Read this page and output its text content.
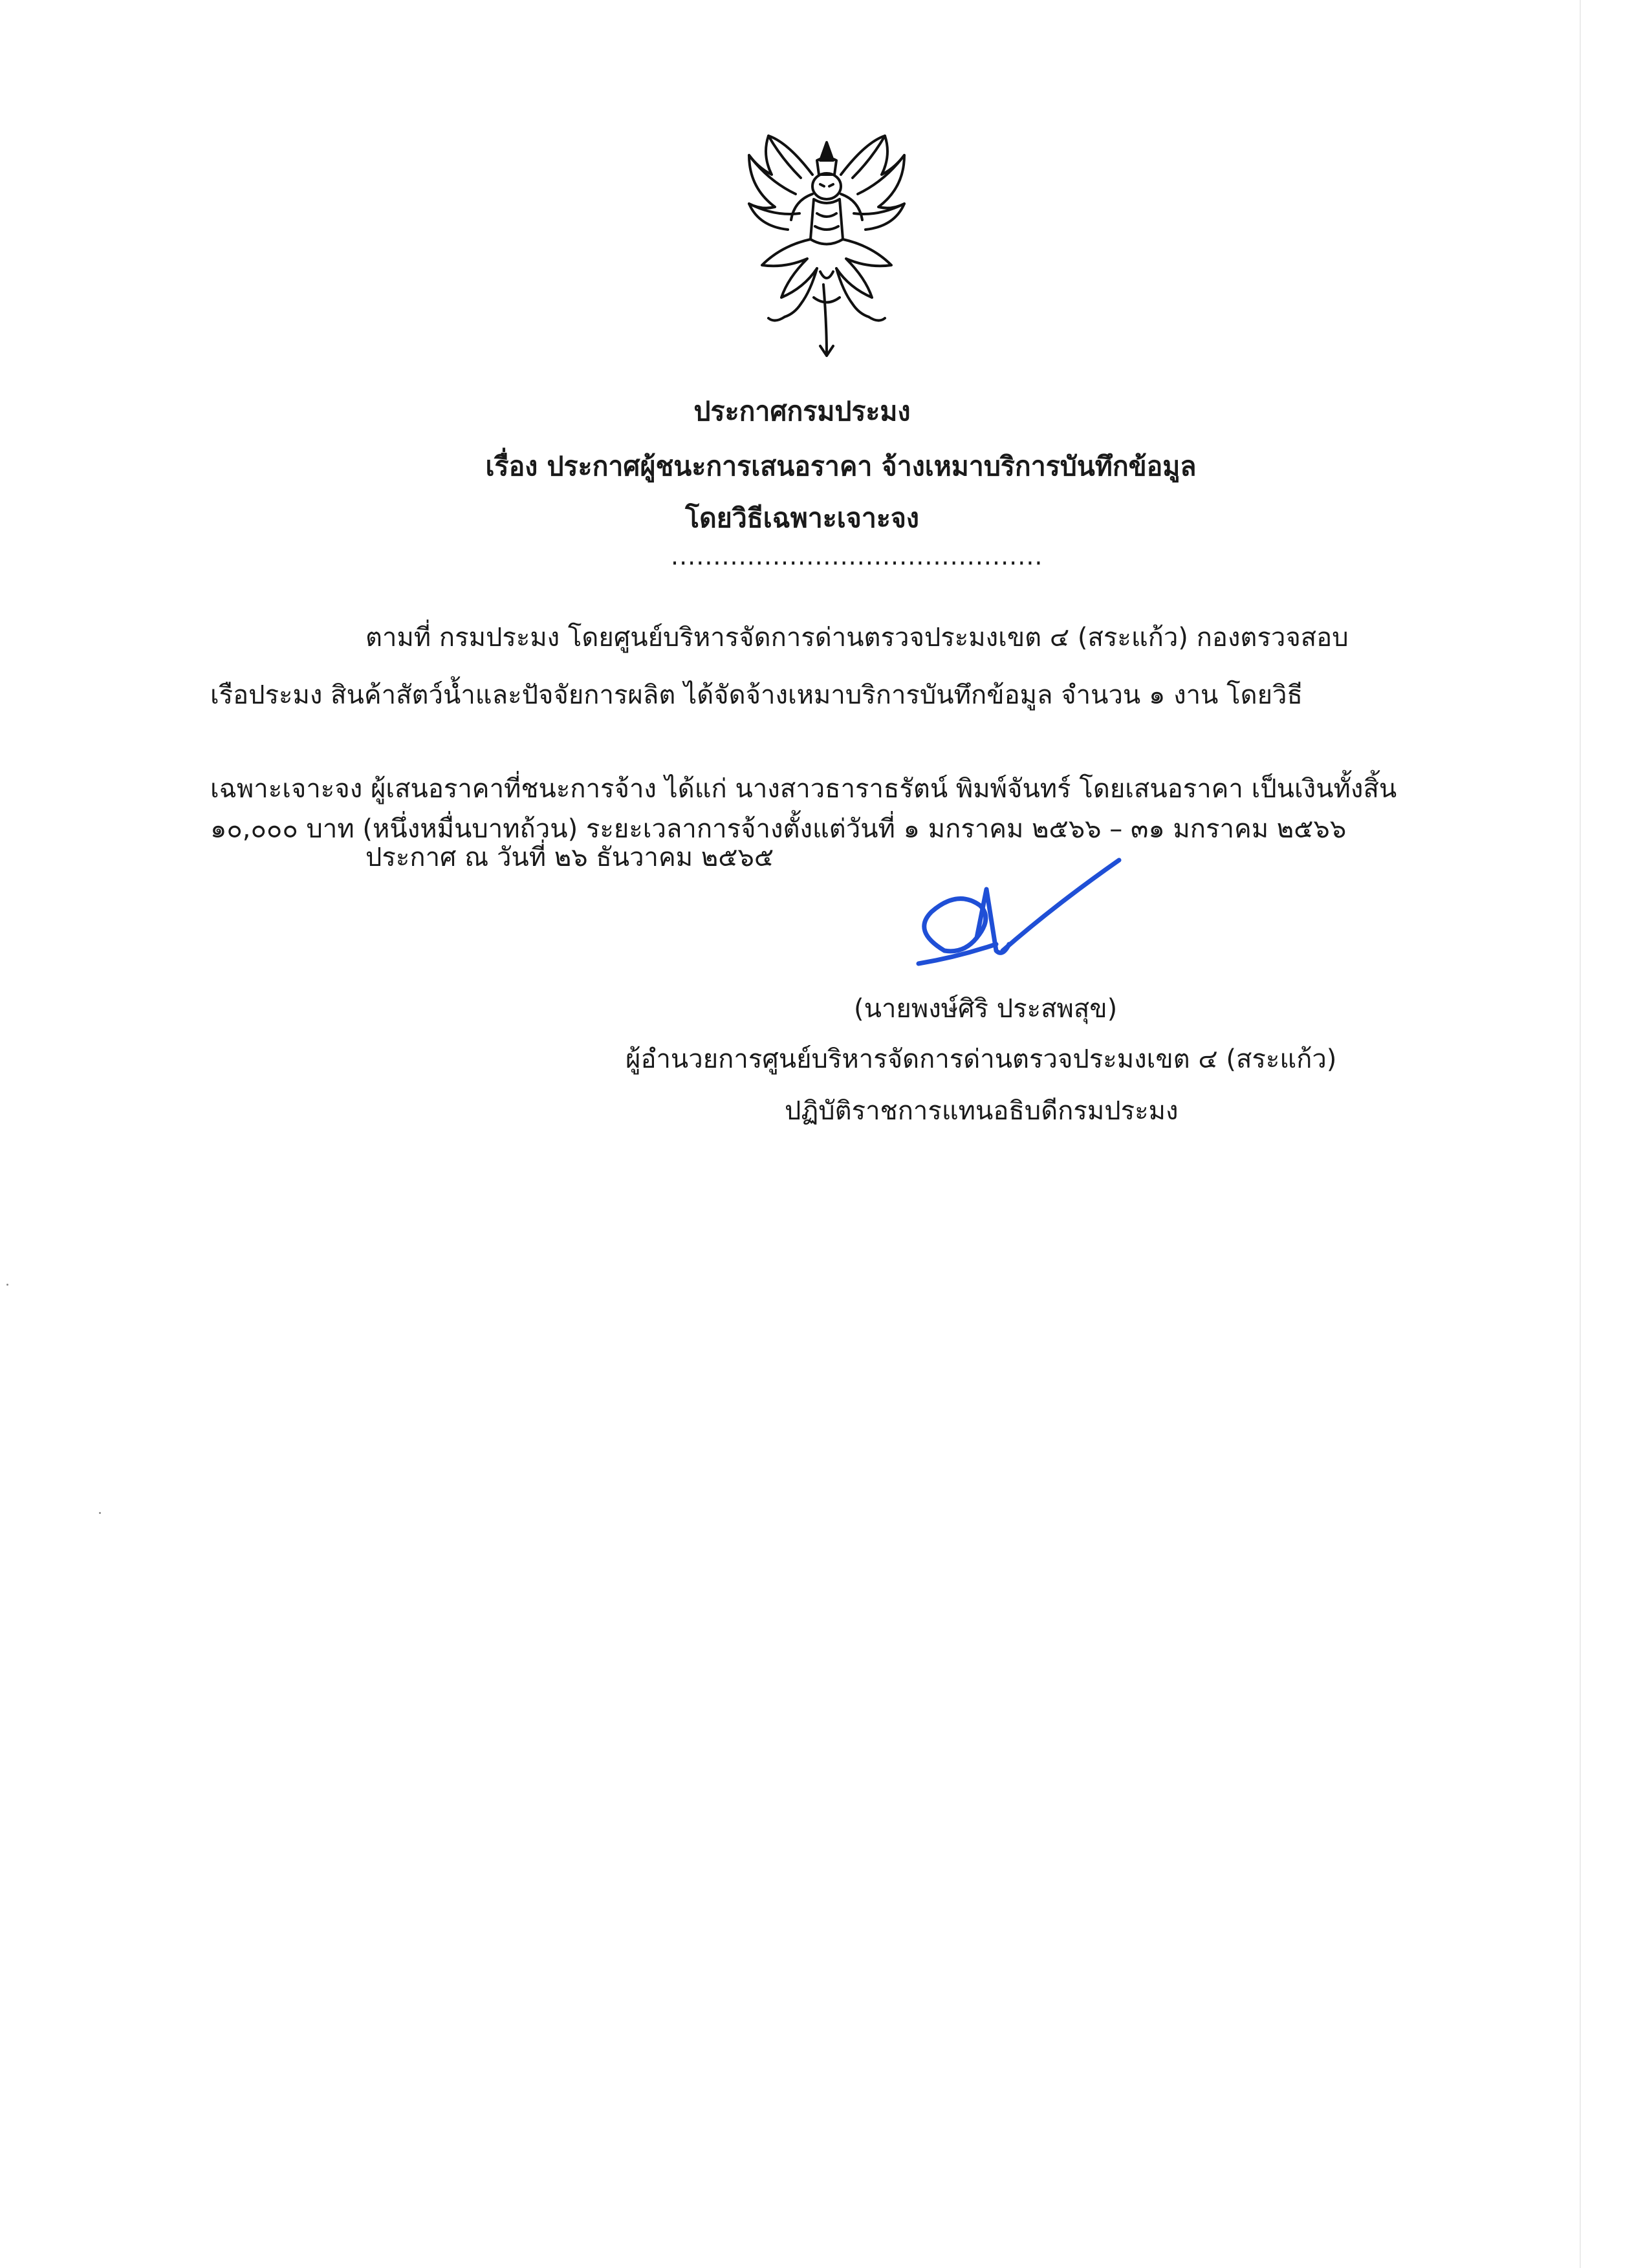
ประกาศกรมประมง
เรื่อง ประกาศผู้ชนะการเสนอราคา จ้างเหมาบริการบันทึกข้อมูล
โดยวิธีเฉพาะเจาะจง
............................................
ตามที่ กรมประมง โดยศูนย์บริหารจัดการด่านตรวจประมงเขต ๔ (สระแก้ว) กองตรวจสอบ
เรือประมง สินค้าสัตว์น้ำและปัจจัยการผลิต ได้จัดจ้างเหมาบริการบันทึกข้อมูล จำนวน ๑ งาน โดยวิธี
เฉพาะเจาะจง ผู้เสนอราคาที่ชนะการจ้าง ได้แก่ นางสาวธาราธรัตน์ พิมพ์จันทร์ โดยเสนอราคา เป็นเงินทั้งสิ้น
๑๐,๐๐๐ บาท (หนึ่งหมื่นบาทถ้วน) ระยะเวลาการจ้างตั้งแต่วันที่ ๑ มกราคม ๒๕๖๖ – ๓๑ มกราคม ๒๕๖๖
ประกาศ ณ วันที่ ๒๖ ธันวาคม ๒๕๖๕
(นายพงษ์ศิริ ประสพสุข)
ผู้อำนวยการศูนย์บริหารจัดการด่านตรวจประมงเขต ๔ (สระแก้ว)
ปฏิบัติราชการแทนอธิบดีกรมประมง
